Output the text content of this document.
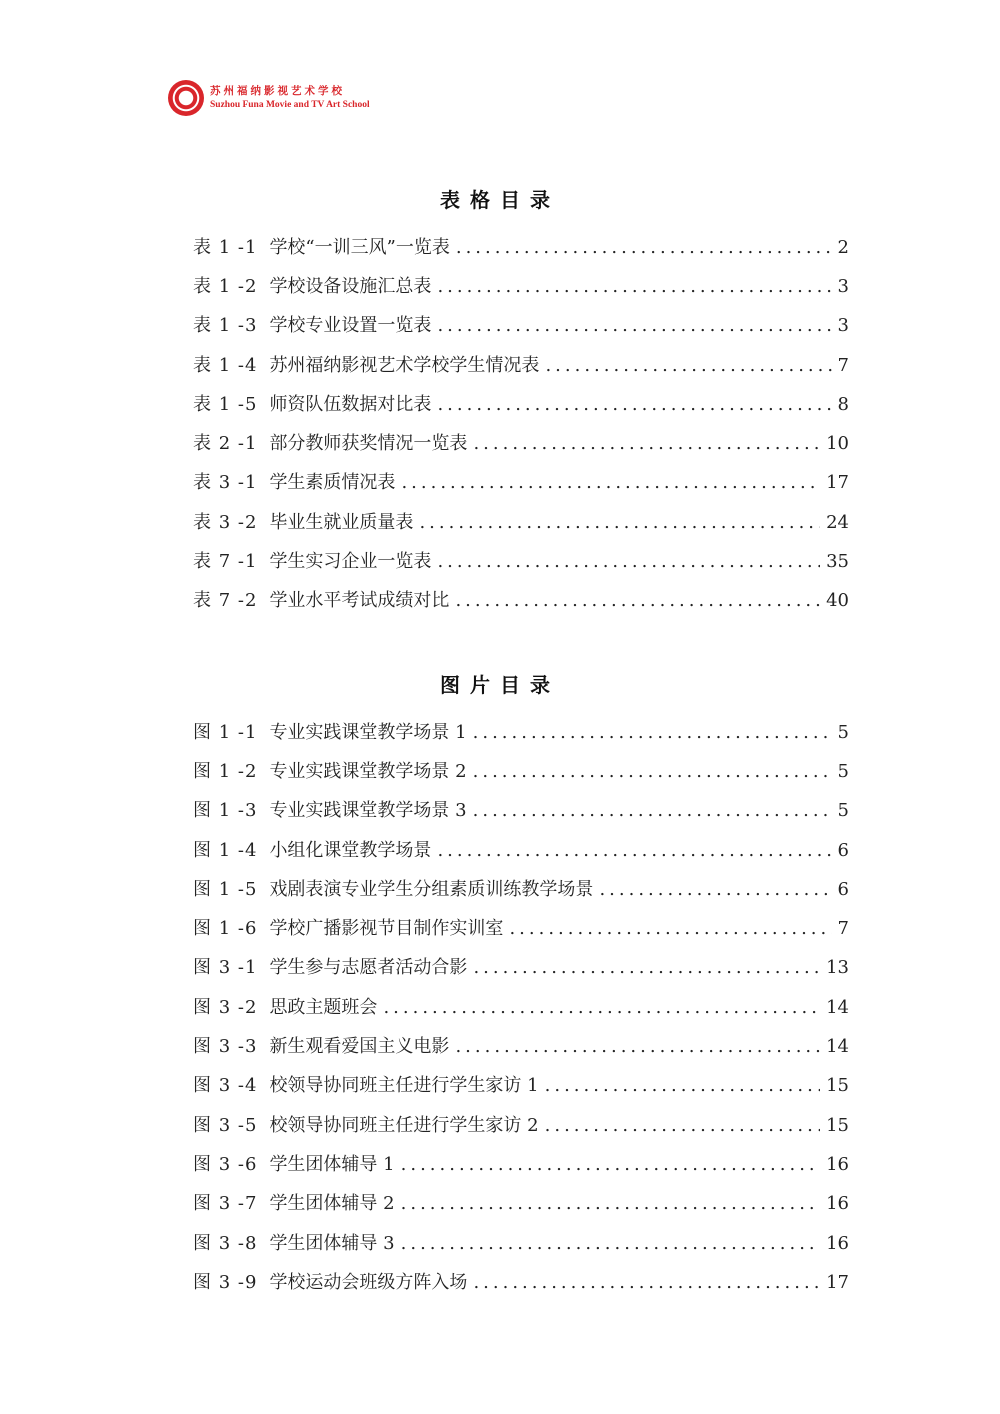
苏州福纳影视艺术学校
Suzhou Funa Movie and TV Art School
表格目录
表 1 -1 学校“一训三风”一览表 .....	2
表 1 -2 学校设备设施汇总表 .....	3
表 1 -3 学校专业设置一览表 .....	3
表 1 -4 苏州福纳影视艺术学校学生情况表 .....	7
表 1 -5 师资队伍数据对比表 .....	8
表 2 -1 部分教师获奖情况一览表 .....	10
表 3 -1 学生素质情况表 .....	17
表 3 -2 毕业生就业质量表 .....	24
表 7 -1 学生实习企业一览表 .....	35
表 7 -2 学业水平考试成绩对比 .....	40
图片目录
图 1 -1 专业实践课堂教学场景 1 .....	5
图 1 -2 专业实践课堂教学场景 2 .....	5
图 1 -3 专业实践课堂教学场景 3 .....	5
图 1 -4 小组化课堂教学场景 .....	6
图 1 -5 戏剧表演专业学生分组素质训练教学场景 .....	6
图 1 -6 学校广播影视节目制作实训室 .....	7
图 3 -1 学生参与志愿者活动合影 .....	13
图 3 -2 思政主题班会 .....	14
图 3 -3 新生观看爱国主义电影 .....	14
图 3 -4 校领导协同班主任进行学生家访 1 .....	15
图 3 -5 校领导协同班主任进行学生家访 2 .....	15
图 3 -6 学生团体辅导 1 .....	16
图 3 -7 学生团体辅导 2 .....	16
图 3 -8 学生团体辅导 3 .....	16
图 3 -9 学校运动会班级方阵入场 .....	17
